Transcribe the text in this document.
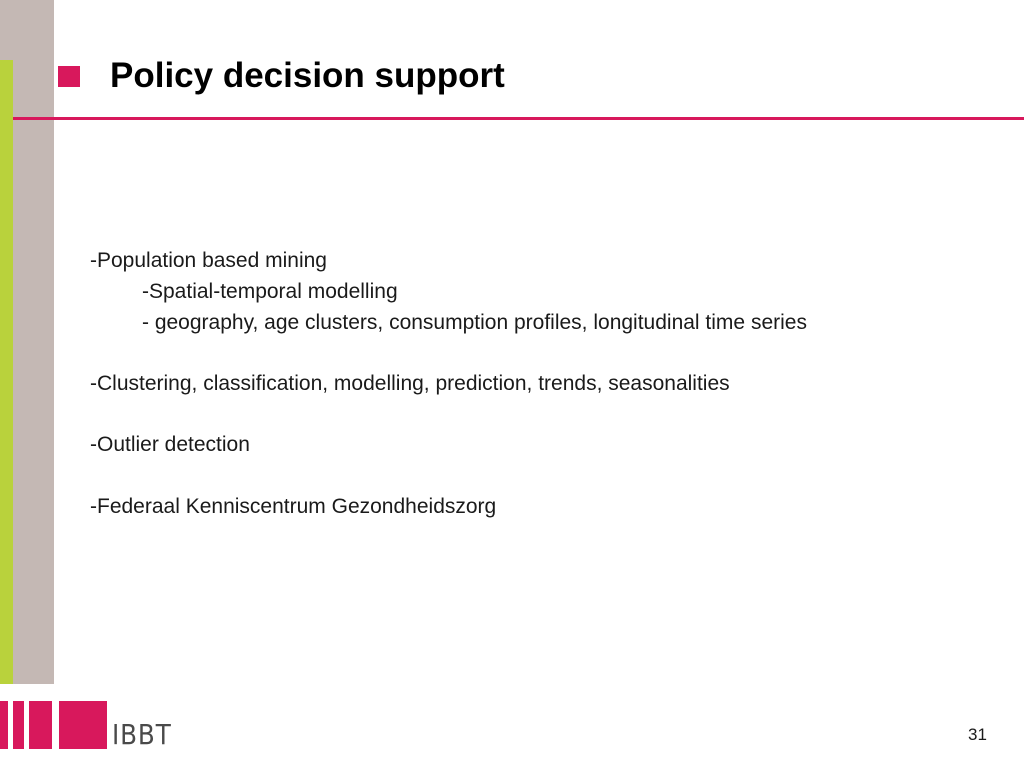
Policy decision support
-Population based mining
-Spatial-temporal modelling
- geography, age clusters, consumption profiles, longitudinal time series
-Clustering, classification, modelling, prediction, trends, seasonalities
-Outlier detection
-Federaal Kenniscentrum Gezondheidszorg
IBBT	31
